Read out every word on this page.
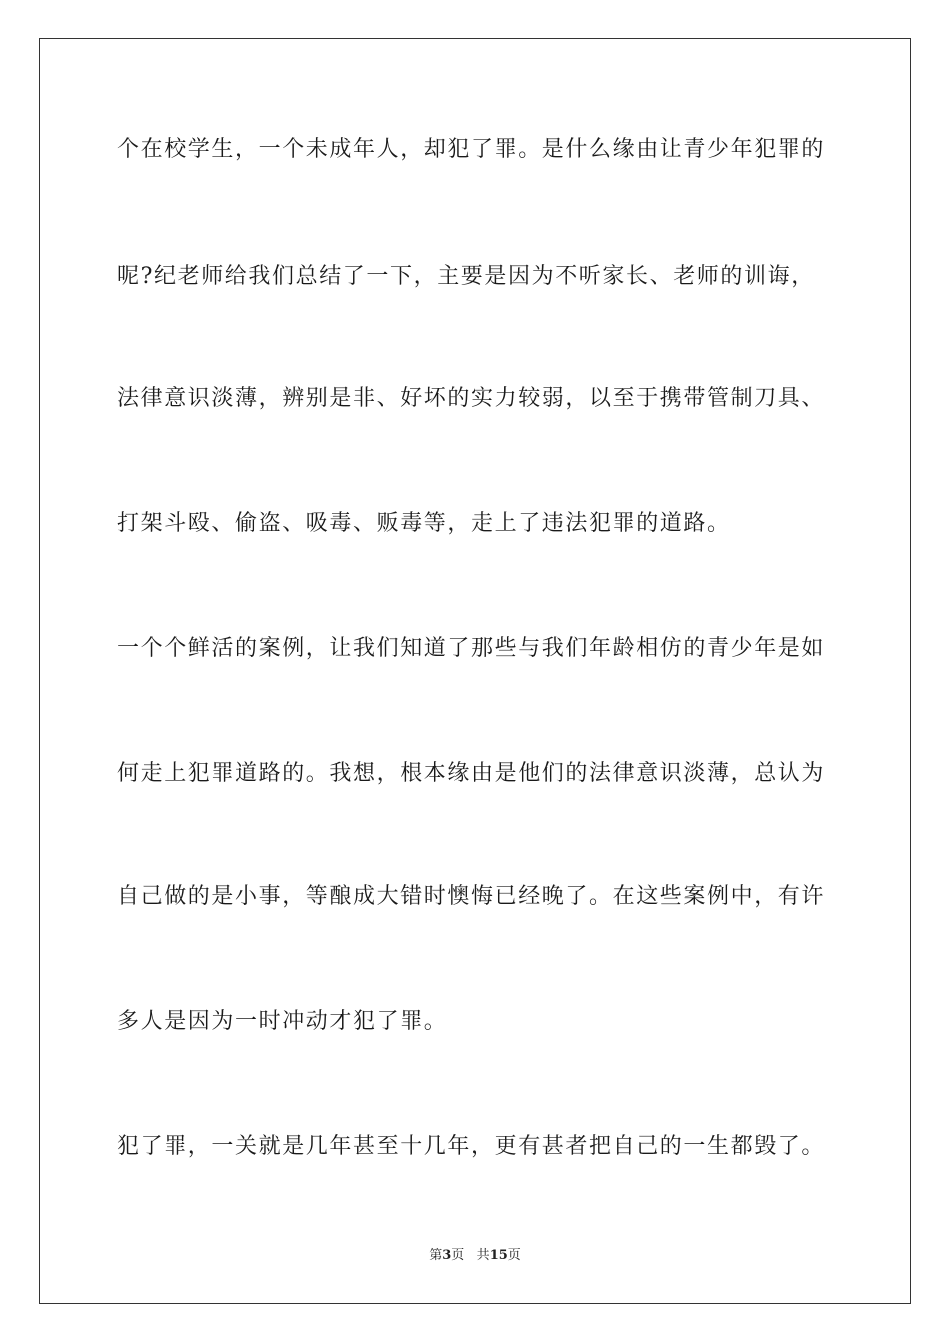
个在校学生，一个未成年人，却犯了罪。是什么缘由让青少年犯罪的
呢?纪老师给我们总结了一下，主要是因为不听家长、老师的训诲，
法律意识淡薄，辨别是非、好坏的实力较弱，以至于携带管制刀具、
打架斗殴、偷盗、吸毒、贩毒等，走上了违法犯罪的道路。
一个个鲜活的案例，让我们知道了那些与我们年龄相仿的青少年是如
何走上犯罪道路的。我想，根本缘由是他们的法律意识淡薄，总认为
自己做的是小事，等酿成大错时懊悔已经晚了。在这些案例中，有许
多人是因为一时冲动才犯了罪。
犯了罪，一关就是几年甚至十几年，更有甚者把自己的一生都毁了。
第3页 共15页
